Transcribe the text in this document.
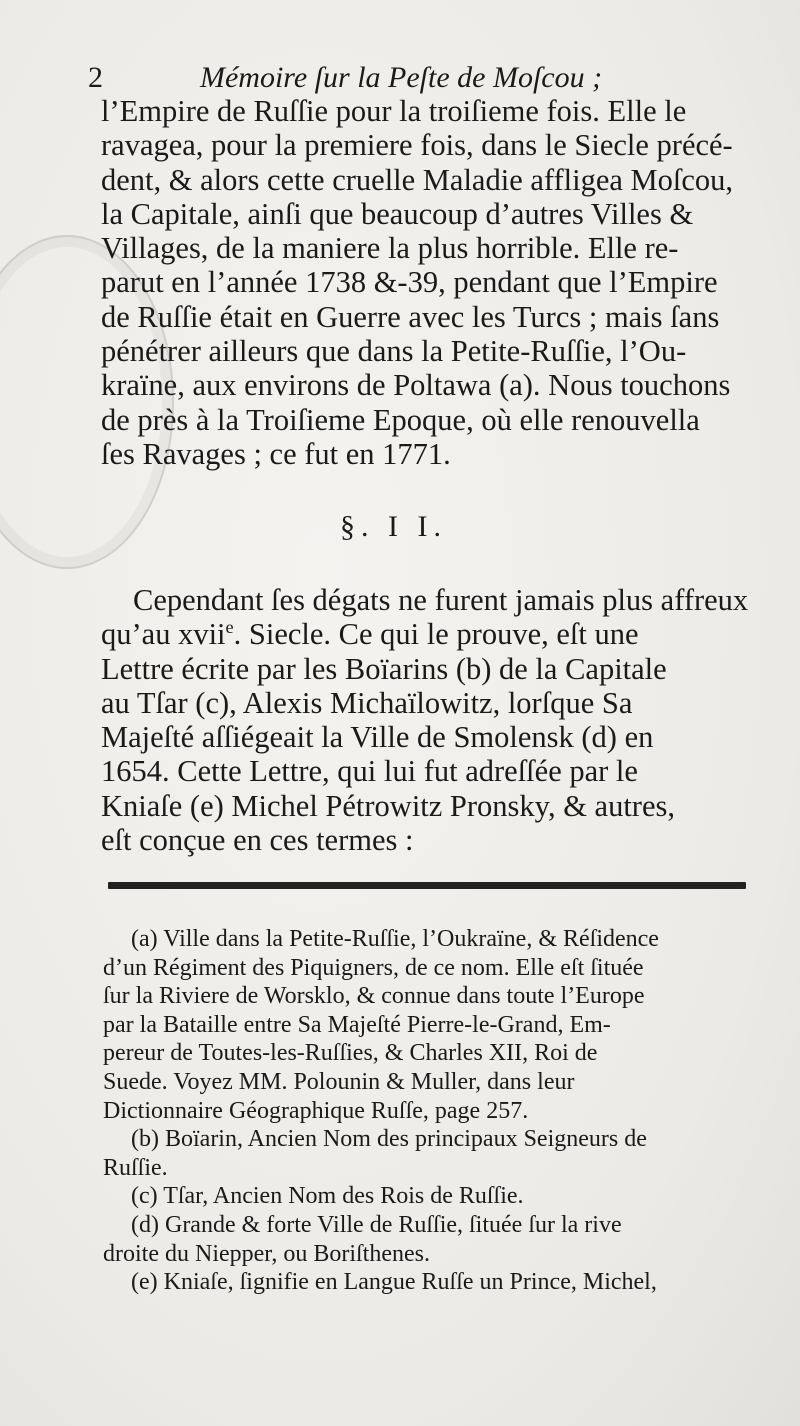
2	Mémoire ſur la Peſte de Moſcou ;
l’Empire de Ruſſie pour la troiſieme fois. Elle le
ravagea, pour la premiere fois, dans le Siecle précé-
dent, & alors cette cruelle Maladie affligea Moſcou,
la Capitale, ainſi que beaucoup d’autres Villes &
Villages, de la maniere la plus horrible. Elle re-
parut en l’année 1738 &-39, pendant que l’Empire
de Ruſſie était en Guerre avec les Turcs ; mais ſans
pénétrer ailleurs que dans la Petite-Ruſſie, l’Ou-
kraïne, aux environs de Poltawa (a). Nous touchons
de près à la Troiſieme Epoque, où elle renouvella
ſes Ravages ; ce fut en 1771.
§. I I.
Cependant ſes dégats ne furent jamais plus affreux
qu’au xvii$^e$. Siecle. Ce qui le prouve, eſt une
Lettre écrite par les Boïarins (b) de la Capitale
au Tſar (c), Alexis Michaïlowitz, lorſque Sa
Majeſté aſſiégeait la Ville de Smolensk (d) en
1654. Cette Lettre, qui lui fut adreſſée par le
Kniaſe (e) Michel Pétrowitz Pronsky, & autres,
eſt conçue en ces termes :
(a) Ville dans la Petite-Ruſſie, l’Oukraïne, & Réſidence
d’un Régiment des Piquigners, de ce nom. Elle eſt ſituée
ſur la Riviere de Worsklo, & connue dans toute l’Europe
par la Bataille entre Sa Majeſté Pierre-le-Grand, Em-
pereur de Toutes-les-Ruſſies, & Charles XII, Roi de
Suede. Voyez MM. Polounin & Muller, dans leur
Dictionnaire Géographique Ruſſe, page 257.
(b) Boïarin, Ancien Nom des principaux Seigneurs de
Ruſſie.
(c) Tſar, Ancien Nom des Rois de Ruſſie.
(d) Grande & forte Ville de Ruſſie, ſituée ſur la rive
droite du Niepper, ou Boriſthenes.
(e) Kniaſe, ſignifie en Langue Ruſſe un Prince, Michel,
